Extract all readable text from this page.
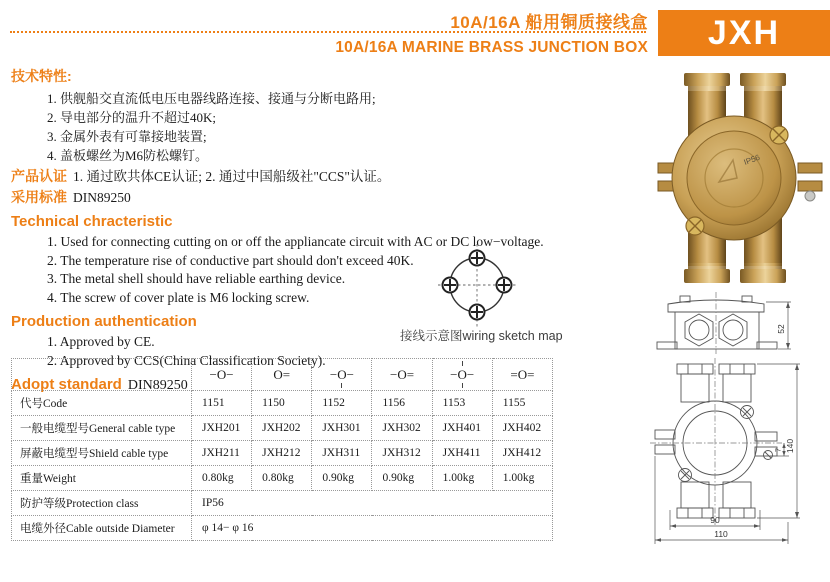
10A/16A 船用铜质接线盒
10A/16A MARINE BRASS JUNCTION BOX	JXH
技术特性:
1. 供舰船交直流低电压电器线路连接、接通与分断电路用;
2. 导电部分的温升不超过40K;
3. 金属外表有可靠接地装置;
4. 盖板螺丝为M6防松螺钉。
产品认证 1. 通过欧共体CE认证; 2. 通过中国船级社"CCS"认证。
采用标准 DIN89250
Technical chracteristic
1. Used for connecting cutting on or off the appliancate circuit with AC or DC low−voltage.
2. The temperature rise of conductive part should don't exceed 40K.
3. The metal shell should have reliable earthing device.
4. The screw of cover plate is M6 locking screw.
Production authentication
1. Approved by CE.
2. Approved by CCS(China Classification Society).
Adopt standard DIN89250
接线示意图wiring sketch map
	−O−	O=	−O−	−O=	−O−	=O=
代号Code	1151	1150	1152	1156	1153	1155
一般电缆型号General cable type	JXH201	JXH202	JXH301	JXH302	JXH401	JXH402
屏蔽电缆型号Shield cable type	JXH211	JXH212	JXH311	JXH312	JXH411	JXH412
重量Weight	0.80kg	0.80kg	0.90kg	0.90kg	1.00kg	1.00kg
防护等级Protection class	IP56					
电缆外径Cable outside Diameter	φ 14− φ 16					
IP56
52
140
7
90
110
